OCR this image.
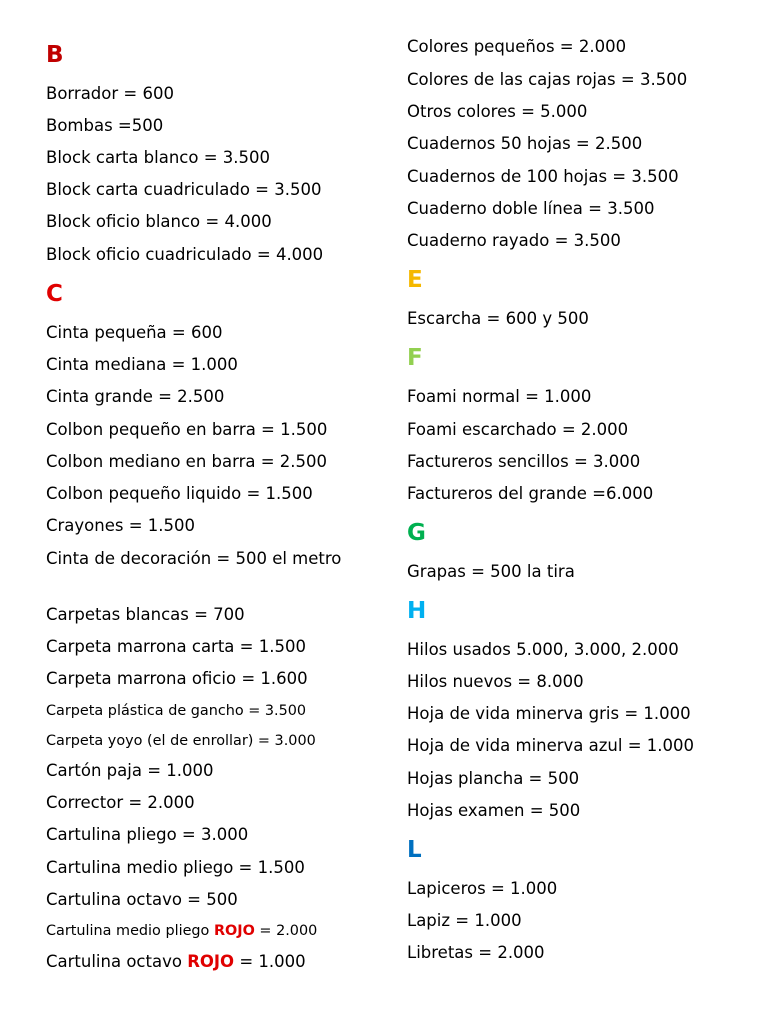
B
Borrador = 600
Bombas =500
Block carta blanco = 3.500
Block carta cuadriculado = 3.500
Block oficio blanco = 4.000
Block oficio cuadriculado = 4.000
C
Cinta pequeña = 600
Cinta mediana = 1.000
Cinta grande = 2.500
Colbon pequeño en barra = 1.500
Colbon mediano en barra = 2.500
Colbon pequeño liquido = 1.500
Crayones = 1.500
Cinta de decoración = 500 el metro
Carpetas blancas = 700
Carpeta marrona carta = 1.500
Carpeta marrona oficio = 1.600
Carpeta plástica de gancho = 3.500
Carpeta yoyo (el de enrollar) = 3.000
Cartón paja = 1.000
Corrector = 2.000
Cartulina pliego = 3.000
Cartulina medio pliego = 1.500
Cartulina octavo = 500
Cartulina medio pliego ROJO = 2.000
Cartulina octavo ROJO = 1.000
Colores pequeños = 2.000
Colores de las cajas rojas = 3.500
Otros colores = 5.000
Cuadernos 50 hojas = 2.500
Cuadernos de 100 hojas = 3.500
Cuaderno doble línea = 3.500
Cuaderno rayado = 3.500
E
Escarcha = 600 y 500
F
Foami normal = 1.000
Foami escarchado = 2.000
Factureros sencillos = 3.000
Factureros del grande =6.000
G
Grapas = 500 la tira
H
Hilos usados 5.000, 3.000, 2.000
Hilos nuevos = 8.000
Hoja de vida minerva gris = 1.000
Hoja de vida minerva azul = 1.000
Hojas plancha = 500
Hojas examen = 500
L
Lapiceros = 1.000
Lapiz = 1.000
Libretas = 2.000
